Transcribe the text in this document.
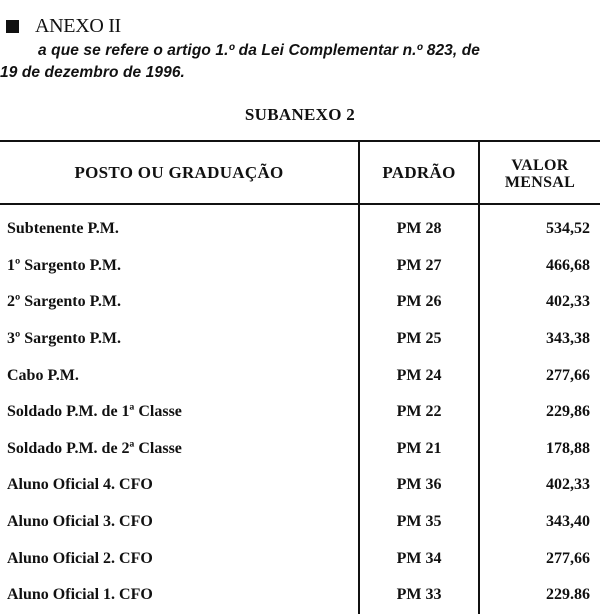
ANEXO II
a que se refere o artigo 1.º da Lei Complementar n.º 823, de
19 de dezembro de 1996.
SUBANEXO 2
POSTO OU GRADUAÇÃO	PADRÃO	VALOR
MENSAL
Subtenente P.M.	PM 28	534,52
1º Sargento P.M.	PM 27	466,68
2º Sargento P.M.	PM 26	402,33
3º Sargento P.M.	PM 25	343,38
Cabo P.M.	PM 24	277,66
Soldado P.M. de 1ª Classe	PM 22	229,86
Soldado P.M. de 2ª Classe	PM 21	178,88
Aluno Oficial 4. CFO	PM 36	402,33
Aluno Oficial 3. CFO	PM 35	343,40
Aluno Oficial 2. CFO	PM 34	277,66
Aluno Oficial 1. CFO	PM 33	229.86
